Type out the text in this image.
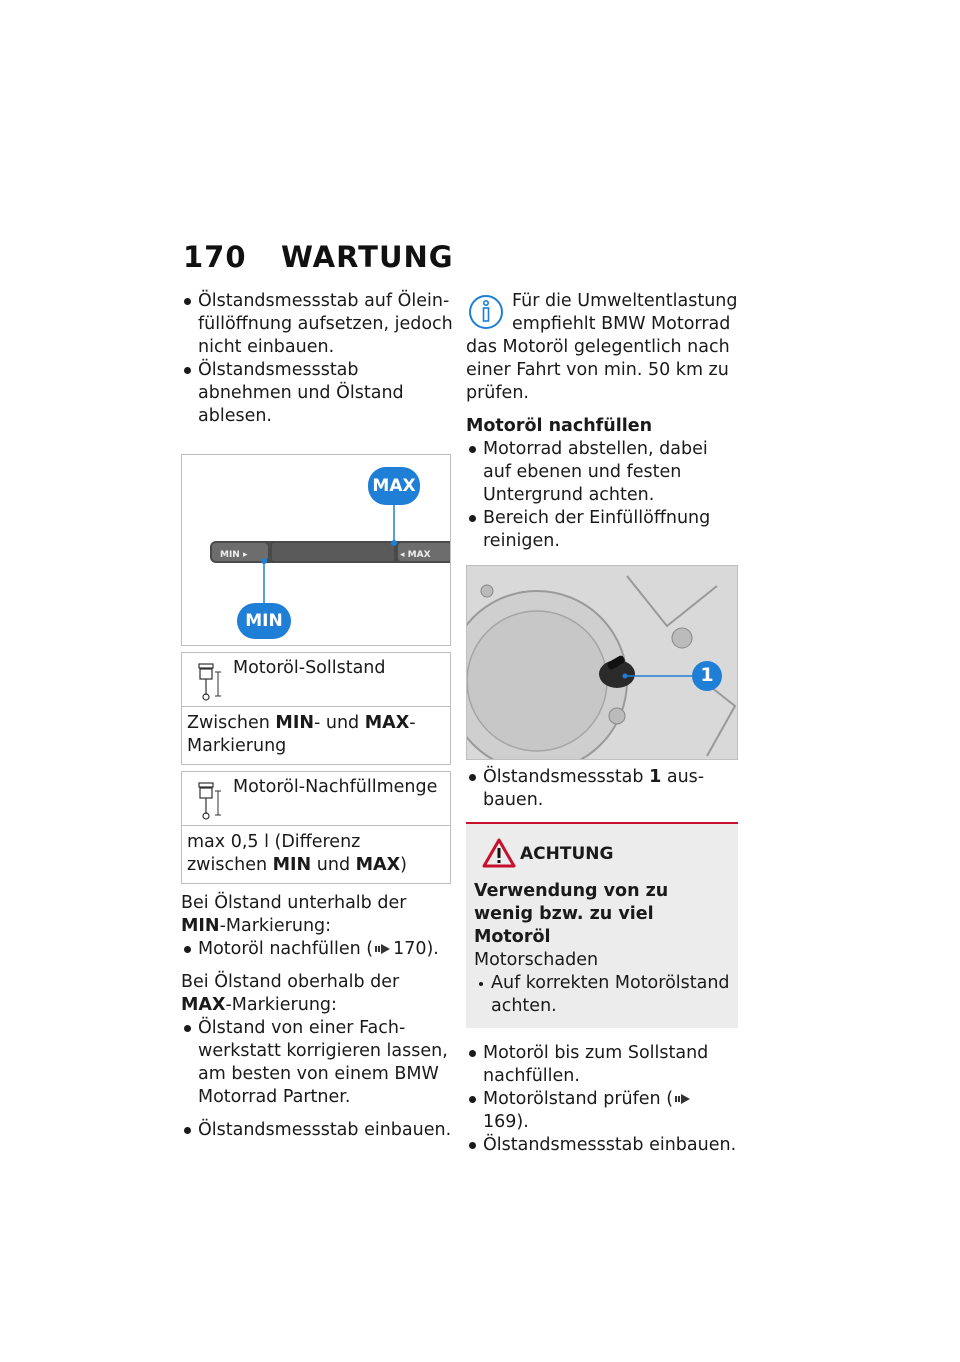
170 WARTUNG
Ölstandsmessstab auf Öleinfüllöffnung aufsetzen, jedoch nicht einbauen.
Ölstandsmessstab abnehmen und Ölstand ablesen.
MIN ▸	◂ MAX
MAX
MIN
Motoröl-Sollstand
Zwischen MIN- und MAX-Markierung
Motoröl-Nachfüllmenge
max 0,5 l (Differenz zwischen MIN und MAX)

Bei Ölstand unterhalb der MIN-Markierung:

Motoröl nachfüllen ( 170).

Bei Ölstand oberhalb der MAX-Markierung:

Ölstand von einer Fachwerkstatt korrigieren lassen, am besten von einem BMW Motorrad Partner.
Ölstandsmessstab einbauen.

Für die Umweltentlastung empfiehlt BMW Motorrad das Motoröl gelegentlich nach einer Fahrt von min. 50 km zu prüfen.

Motoröl nachfüllen

Motorrad abstellen, dabei auf ebenen und festen Untergrund achten.
Bereich der Einfüllöffnung reinigen.
1
Ölstandsmessstab 1 ausbauen.
ACHTUNG

Verwendung von zu wenig bzw. zu viel Motoröl

Motorschaden

Auf korrekten Motorölstand achten.
Motoröl bis zum Sollstand nachfüllen.
Motorölstand prüfen (169).
Ölstandsmessstab einbauen.
